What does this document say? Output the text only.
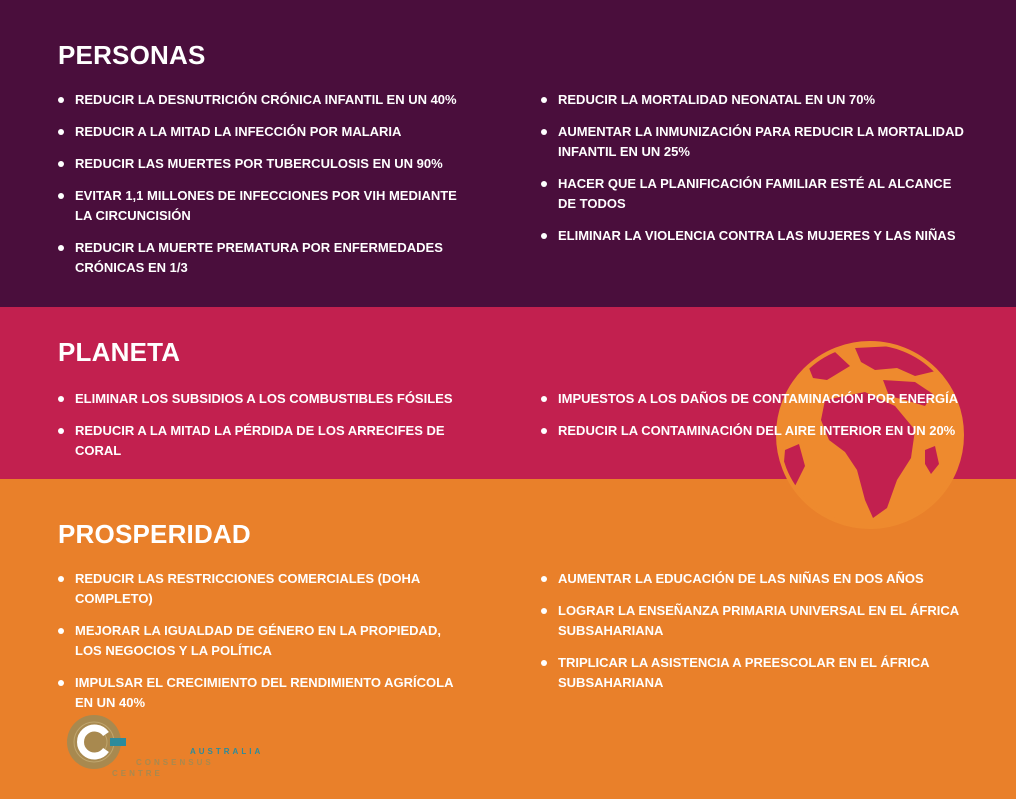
PERSONAS
REDUCIR LA DESNUTRICIÓN CRÓNICA INFANTIL EN UN 40%
REDUCIR A LA MITAD LA INFECCIÓN POR MALARIA
REDUCIR LAS MUERTES POR TUBERCULOSIS EN UN 90%
EVITAR 1,1 MILLONES DE INFECCIONES POR VIH MEDIANTE LA CIRCUNCISIÓN
REDUCIR LA MUERTE PREMATURA POR ENFERMEDADES CRÓNICAS EN 1/3
REDUCIR LA MORTALIDAD NEONATAL EN UN 70%
AUMENTAR LA INMUNIZACIÓN PARA REDUCIR LA MORTALIDAD INFANTIL EN UN 25%
HACER QUE LA PLANIFICACIÓN FAMILIAR ESTÉ AL ALCANCE DE TODOS
ELIMINAR LA VIOLENCIA CONTRA LAS MUJERES Y LAS NIÑAS
PLANETA
ELIMINAR LOS SUBSIDIOS A LOS COMBUSTIBLES FÓSILES
REDUCIR A LA MITAD LA PÉRDIDA DE LOS ARRECIFES DE CORAL
PROSPERIDAD
REDUCIR LAS RESTRICCIONES COMERCIALES (DOHA COMPLETO)
MEJORAR LA IGUALDAD DE GÉNERO EN LA PROPIEDAD, LOS NEGOCIOS Y LA POLÍTICA
IMPULSAR EL CRECIMIENTO DEL RENDIMIENTO AGRÍCOLA EN UN 40%
AUMENTAR LA EDUCACIÓN DE LAS NIÑAS EN DOS AÑOS
LOGRAR LA ENSEÑANZA PRIMARIA UNIVERSAL EN EL ÁFRICA SUBSAHARIANA
TRIPLICAR LA ASISTENCIA A PREESCOLAR EN EL ÁFRICA SUBSAHARIANA
IMPUESTOS A LOS DAÑOS DE CONTAMINACIÓN POR ENERGÍA
REDUCIR LA CONTAMINACIÓN DEL AIRE INTERIOR EN UN 20%
AUSTRALIA
CONSENSUS
CENTRE
